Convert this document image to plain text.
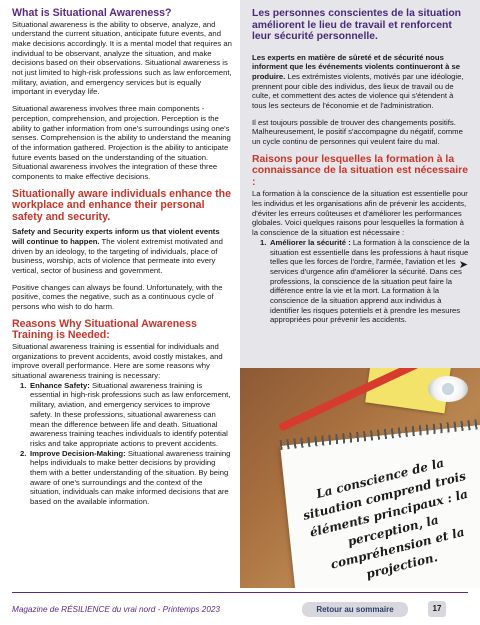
What is Situational Awareness?

Situational awareness is the ability to observe, analyze, and understand the current situation, anticipate future events, and make decisions accordingly. It is a mental model that requires an individual to be observant, analyze the situation, and make decisions based on their observations. Situational awareness is not just limited to high-risk professions such as law enforcement, military, aviation, and emergency services but is equally important in everyday life.

Situational awareness involves three main components - perception, comprehension, and projection. Perception is the ability to gather information from one's surroundings using one's senses. Comprehension is the ability to understand the meaning of the information gathered. Projection is the ability to anticipate future events based on the understanding of the situation. Situational awareness involves the integration of these three components to make effective decisions.

Situationally aware individuals enhance the workplace and enhance their personal safety and security.

Safety and Security experts inform us that violent events will continue to happen. The violent extremist motivated and driven by an ideology, to the targeting of individuals, place of business, worship, acts of violence that permeate into every vertical, sector of business and government.

Positive changes can always be found. Unfortunately, with the positive, comes the negative, such as a continuous cycle of persons who wish to do harm.

Reasons Why Situational Awareness Training is Needed:

Situational awareness training is essential for individuals and organizations to prevent accidents, avoid costly mistakes, and improve overall performance. Here are some reasons why situational awareness training is necessary:

1. Enhance Safety: Situational awareness training is essential in high-risk professions such as law enforcement, military, aviation, and emergency services to improve safety. In these professions, situational awareness can mean the difference between life and death. Situational awareness training teaches individuals to identify potential risks and take appropriate actions to prevent accidents.
2. Improve Decision-Making: Situational awareness training helps individuals to make better decisions by providing them with a better understanding of the situation. By being aware of one's surroundings and the context of the situation, individuals can make informed decisions that are based on the available information.
Les personnes conscientes de la situation améliorent le lieu de travail et renforcent leur sécurité personnelle.

Les experts en matière de sûreté et de sécurité nous informent que les événements violents continueront à se produire. Les extrémistes violents, motivés par une idéologie, prennent pour cible des individus, des lieux de travail ou de culte, et commettent des actes de violence qui s'étendent à tous les secteurs de l'économie et de l'administration.

Il est toujours possible de trouver des changements positifs. Malheureusement, le positif s'accompagne du négatif, comme un cycle continu de personnes qui veulent faire du mal.

Raisons pour lesquelles la formation à la connaissance de la situation est nécessaire :

La formation à la conscience de la situation est essentielle pour les individus et les organisations afin de prévenir les accidents, d'éviter les erreurs coûteuses et d'améliorer les performances globales. Voici quelques raisons pour lesquelles la formation à la conscience de la situation est nécessaire :

1. Améliorer la sécurité : La formation à la conscience de la situation est essentielle dans les professions à haut risque telles que les forces de l'ordre, l'armée, l'aviation et les services d'urgence afin d'améliorer la sécurité. Dans ces professions, la conscience de la situation peut faire la différence entre la vie et la mort. La formation à la conscience de la situation apprend aux individus à identifier les risques potentiels et à prendre les mesures appropriées pour prévenir les accidents.
➤
La conscience de la situation comprend trois éléments principaux : la perception, la compréhension et la projection.
Magazine de RÉSILIENCE du vrai nord - Printemps 2023	Retour au sommaire	17
